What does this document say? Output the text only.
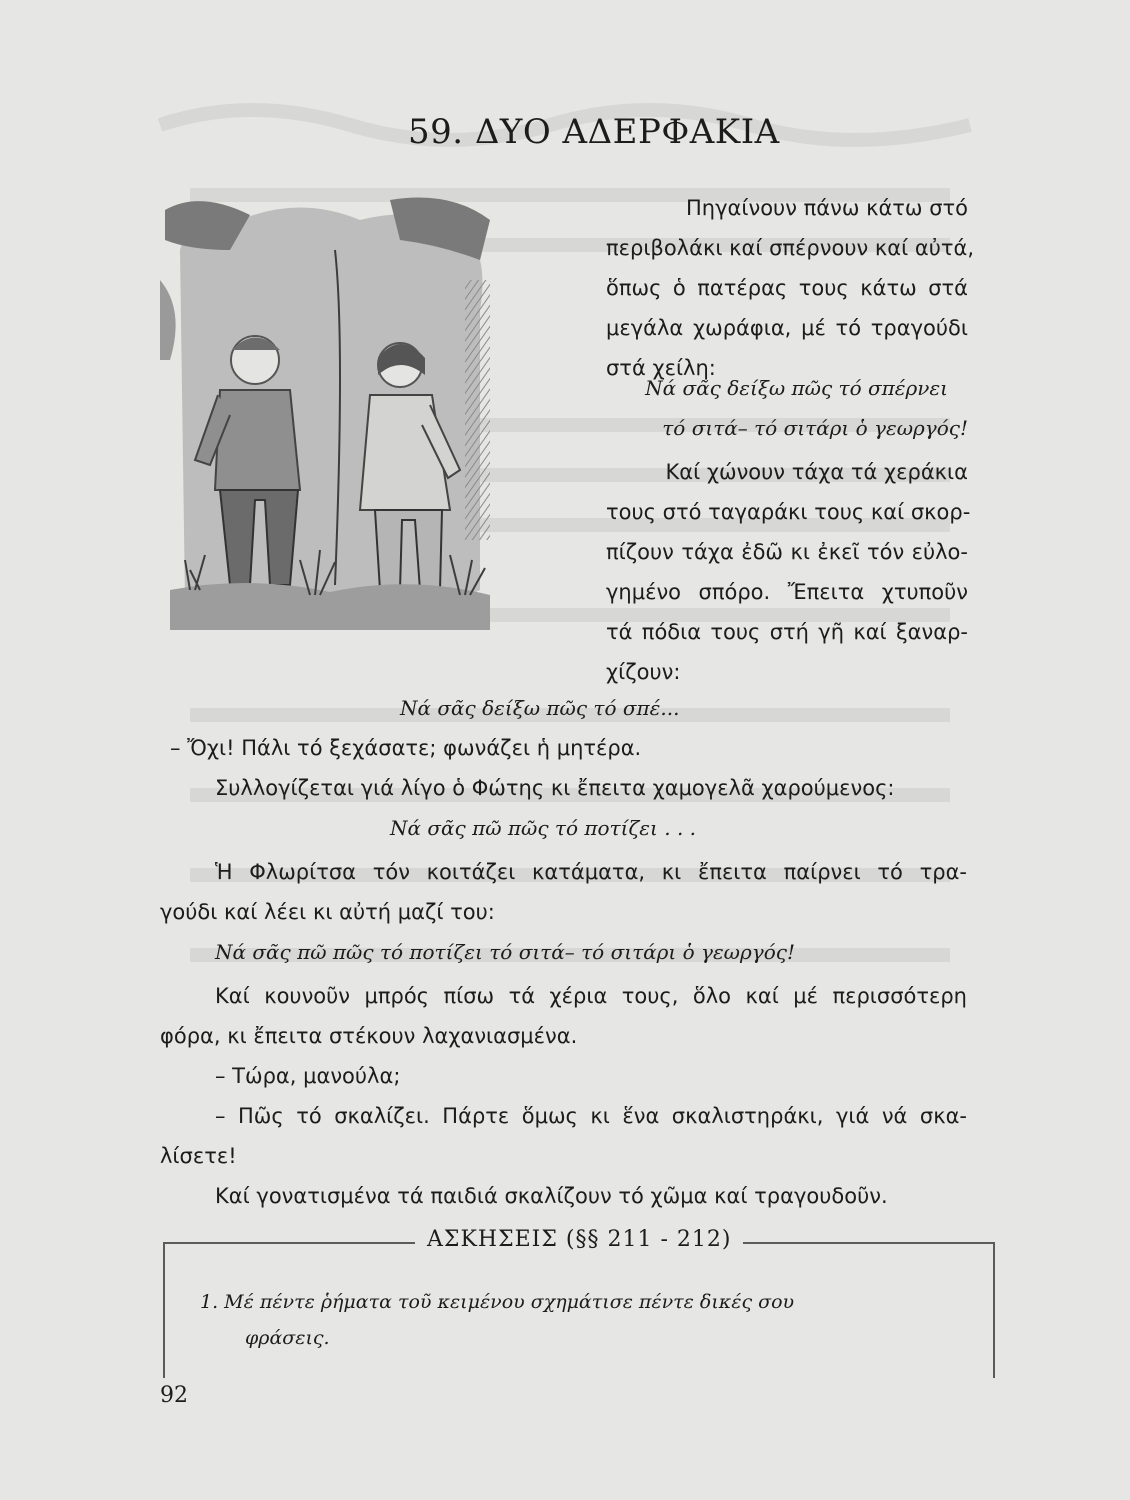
59. ΔΥΟ ΑΔΕΡΦΑΚΙΑ
Πηγαίνουν πάνω κάτω στό
περιβολάκι καί σπέρνουν καί αὐτά,
ὅπως ὁ πατέρας τους κάτω στά
μεγάλα χωράφια, μέ τό τραγούδι
στά χείλη:
Νά σᾶς δείξω πῶς τό σπέρνει
τό σιτά– τό σιτάρι ὁ γεωργός!
Καί χώνουν τάχα τά χεράκια
τους στό ταγαράκι τους καί σκορ-
πίζουν τάχα ἐδῶ κι ἐκεῖ τόν εὐλο-
γημένο σπόρο. Ἔπειτα χτυποῦν
τά πόδια τους στή γῆ καί ξαναρ-
χίζουν:
Νά σᾶς δείξω πῶς τό σπέ...
– Ὄχι! Πάλι τό ξεχάσατε; φωνάζει ἡ μητέρα.
Συλλογίζεται γιά λίγο ὁ Φώτης κι ἔπειτα χαμογελᾶ χαρούμενος:
Νά σᾶς πῶ πῶς τό ποτίζει . . .
Ἡ Φλωρίτσα τόν κοιτάζει κατάματα, κι ἔπειτα παίρνει τό τρα-
γούδι καί λέει κι αὐτή μαζί του:
Νά σᾶς πῶ πῶς τό ποτίζει τό σιτά– τό σιτάρι ὁ γεωργός!
Καί κουνοῦν μπρός πίσω τά χέρια τους, ὅλο καί μέ περισσότερη
φόρα, κι ἔπειτα στέκουν λαχανιασμένα.
– Τώρα, μανούλα;
– Πῶς τό σκαλίζει. Πάρτε ὅμως κι ἕνα σκαλιστηράκι, γιά νά σκα-
λίσετε!
Καί γονατισμένα τά παιδιά σκαλίζουν τό χῶμα καί τραγουδοῦν.
ΑΣΚΗΣΕΙΣ (§§ 211 - 212)
1. Μέ πέντε ῥήματα τοῦ κειμένου σχημάτισε πέντε δικές σου
φράσεις.
92
